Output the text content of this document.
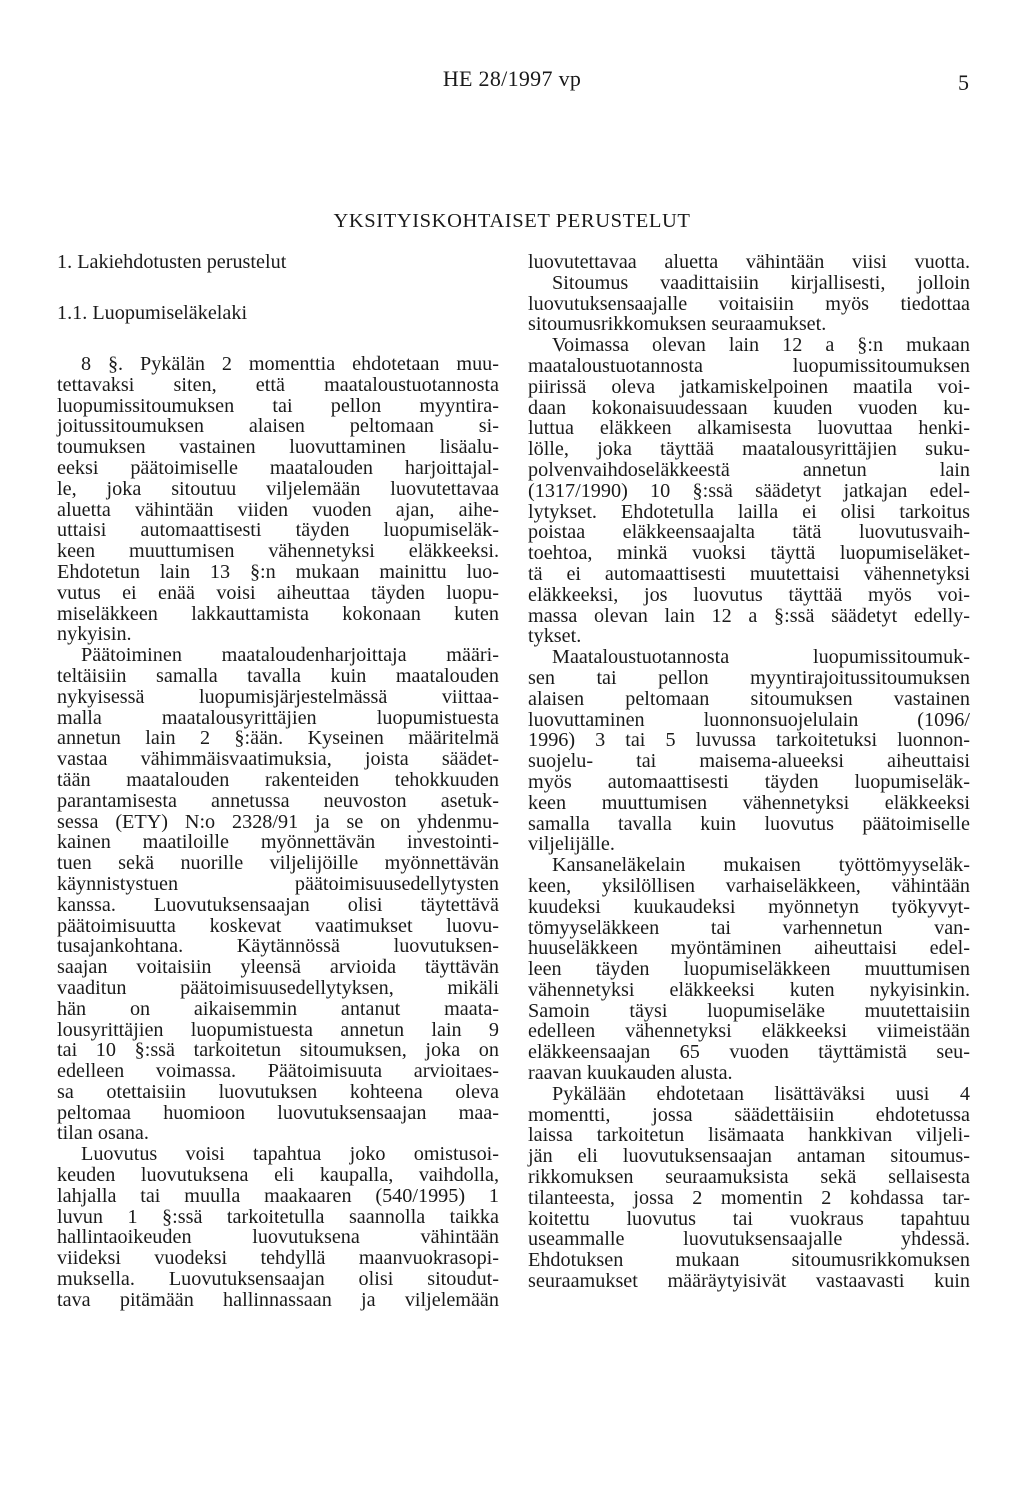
HE 28/1997 vp	5
YKSITYISKOHTAISET PERUSTELUT
1. Lakiehdotusten perustelut
1.1. Luopumiseläkelaki
8 §. Pykälän 2 momenttia ehdotetaan muu-
tettavaksi siten, että maataloustuotannosta
luopumissitoumuksen tai pellon myyntira-
joitussitoumuksen alaisen peltomaan si-
toumuksen vastainen luovuttaminen lisäalu-
eeksi päätoimiselle maatalouden harjoittajal-
le, joka sitoutuu viljelemään luovutettavaa
aluetta vähintään viiden vuoden ajan, aihe-
uttaisi automaattisesti täyden luopumiseläk-
keen muuttumisen vähennetyksi eläkkeeksi.
Ehdotetun lain 13 §:n mukaan mainittu luo-
vutus ei enää voisi aiheuttaa täyden luopu-
miseläkkeen lakkauttamista kokonaan kuten
nykyisin.
Päätoiminen maataloudenharjoittaja määri-
teltäisiin samalla tavalla kuin maatalouden
nykyisessä luopumisjärjestelmässä viittaa-
malla maatalousyrittäjien luopumistuesta
annetun lain 2 §:ään. Kyseinen määritelmä
vastaa vähimmäisvaatimuksia, joista säädet-
tään maatalouden rakenteiden tehokkuuden
parantamisesta annetussa neuvoston asetuk-
sessa (ETY) N:o 2328/91 ja se on yhdenmu-
kainen maatiloille myönnettävän investointi-
tuen sekä nuorille viljelijöille myönnettävän
käynnistystuen päätoimisuusedellytysten
kanssa. Luovutuksensaajan olisi täytettävä
päätoimisuutta koskevat vaatimukset luovu-
tusajankohtana. Käytännössä luovutuksen-
saajan voitaisiin yleensä arvioida täyttävän
vaaditun päätoimisuusedellytyksen, mikäli
hän on aikaisemmin antanut maata-
lousyrittäjien luopumistuesta annetun lain 9
tai 10 §:ssä tarkoitetun sitoumuksen, joka on
edelleen voimassa. Päätoimisuuta arvioitaes-
sa otettaisiin luovutuksen kohteena oleva
peltomaa huomioon luovutuksensaajan maa-
tilan osana.
Luovutus voisi tapahtua joko omistusoi-
keuden luovutuksena eli kaupalla, vaihdolla,
lahjalla tai muulla maakaaren (540/1995) 1
luvun 1 §:ssä tarkoitetulla saannolla taikka
hallintaoikeuden luovutuksena vähintään
viideksi vuodeksi tehdyllä maanvuokrasopi-
muksella. Luovutuksensaajan olisi sitoudut-
tava pitämään hallinnassaan ja viljelemään
luovutettavaa aluetta vähintään viisi vuotta.
Sitoumus vaadittaisiin kirjallisesti, jolloin
luovutuksensaajalle voitaisiin myös tiedottaa
sitoumusrikkomuksen seuraamukset.
Voimassa olevan lain 12 a §:n mukaan
maataloustuotannosta luopumissitoumuksen
piirissä oleva jatkamiskelpoinen maatila voi-
daan kokonaisuudessaan kuuden vuoden ku-
luttua eläkkeen alkamisesta luovuttaa henki-
lölle, joka täyttää maatalousyrittäjien suku-
polvenvaihdoseläkkeestä annetun lain
(1317/1990) 10 §:ssä säädetyt jatkajan edel-
lytykset. Ehdotetulla lailla ei olisi tarkoitus
poistaa eläkkeensaajalta tätä luovutusvaih-
toehtoa, minkä vuoksi täyttä luopumiseläket-
tä ei automaattisesti muutettaisi vähennetyksi
eläkkeeksi, jos luovutus täyttää myös voi-
massa olevan lain 12 a §:ssä säädetyt edelly-
tykset.
Maataloustuotannosta luopumissitoumuk-
sen tai pellon myyntirajoitussitoumuksen
alaisen peltomaan sitoumuksen vastainen
luovuttaminen luonnonsuojelulain (1096/
1996) 3 tai 5 luvussa tarkoitetuksi luonnon-
suojelu- tai maisema-alueeksi aiheuttaisi
myös automaattisesti täyden luopumiseläk-
keen muuttumisen vähennetyksi eläkkeeksi
samalla tavalla kuin luovutus päätoimiselle
viljelijälle.
Kansaneläkelain mukaisen työttömyyseläk-
keen, yksilöllisen varhaiseläkkeen, vähintään
kuudeksi kuukaudeksi myönnetyn työkyvyt-
tömyyseläkkeen tai varhennetun van-
huuseläkkeen myöntäminen aiheuttaisi edel-
leen täyden luopumiseläkkeen muuttumisen
vähennetyksi eläkkeeksi kuten nykyisinkin.
Samoin täysi luopumiseläke muutettaisiin
edelleen vähennetyksi eläkkeeksi viimeistään
eläkkeensaajan 65 vuoden täyttämistä seu-
raavan kuukauden alusta.
Pykälään ehdotetaan lisättäväksi uusi 4
momentti, jossa säädettäisiin ehdotetussa
laissa tarkoitetun lisämaata hankkivan viljeli-
jän eli luovutuksensaajan antaman sitoumus-
rikkomuksen seuraamuksista sekä sellaisesta
tilanteesta, jossa 2 momentin 2 kohdassa tar-
koitettu luovutus tai vuokraus tapahtuu
useammalle luovutuksensaajalle yhdessä.
Ehdotuksen mukaan sitoumusrikkomuksen
seuraamukset määräytyisivät vastaavasti kuin
